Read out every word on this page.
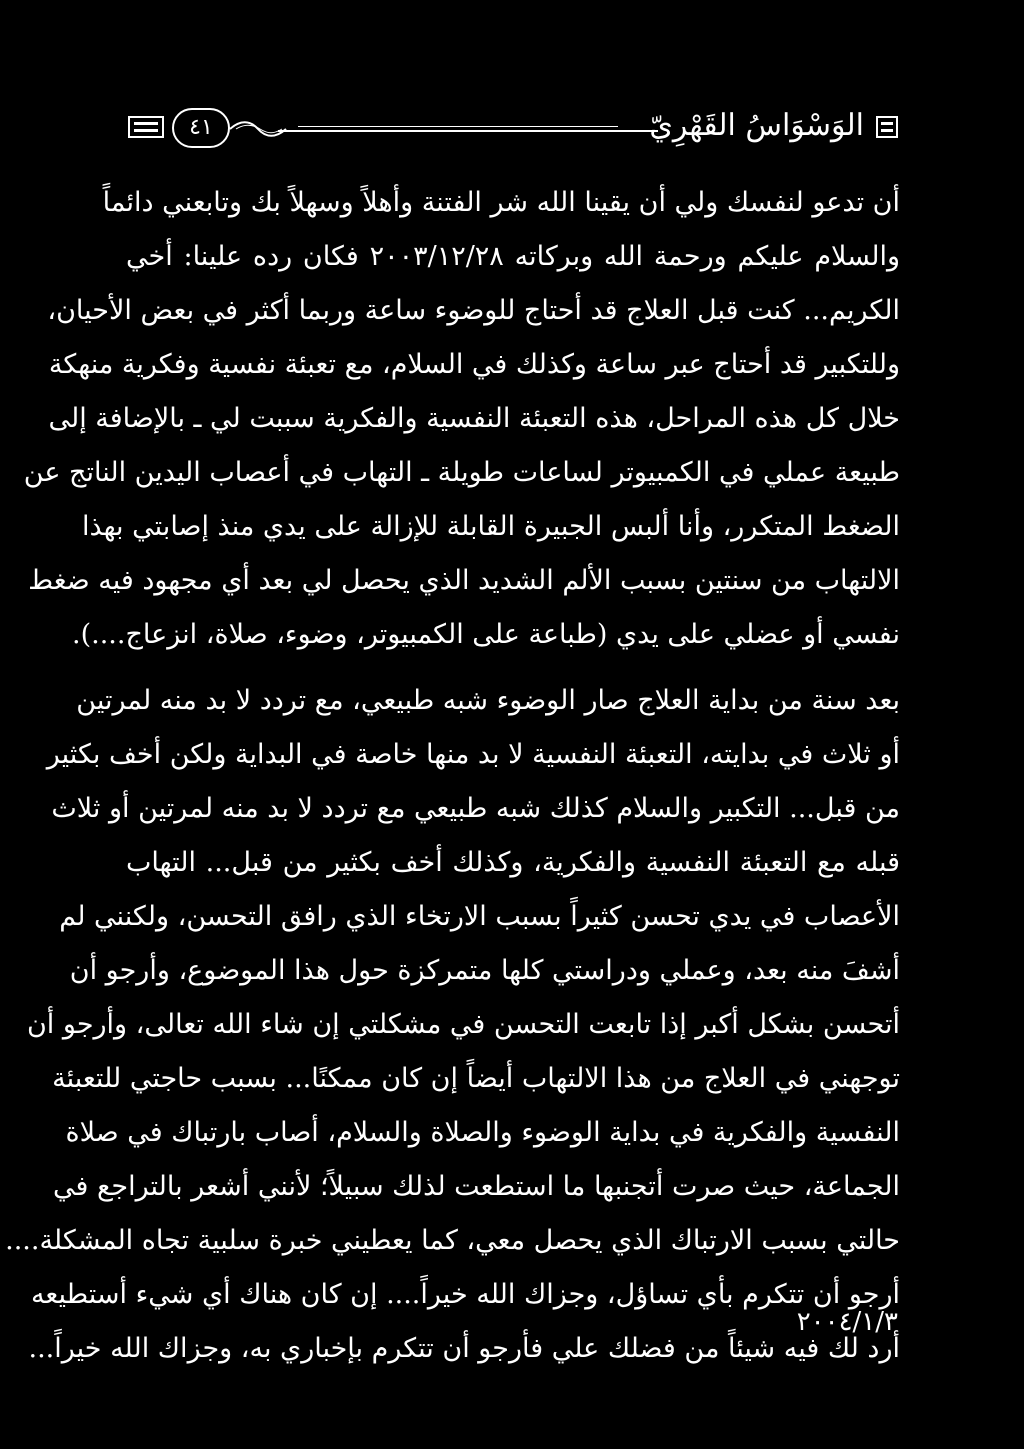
الوَسْوَاسُ القَهْرِيّ
٤١
أن تدعو لنفسك ولي أن يقينا الله شر الفتنة وأهلاً وسهلاً بك وتابعني دائماً
والسلام عليكم ورحمة الله وبركاته ٢٠٠٣/١٢/٢٨ فكان رده علينا: أخي
الكريم... كنت قبل العلاج قد أحتاج للوضوء ساعة وربما أكثر في بعض الأحيان،
وللتكبير قد أحتاج عبر ساعة وكذلك في السلام، مع تعبئة نفسية وفكرية منهكة
خلال كل هذه المراحل، هذه التعبئة النفسية والفكرية سببت لي ـ بالإضافة إلى
طبيعة عملي في الكمبيوتر لساعات طويلة ـ التهاب في أعصاب اليدين الناتج عن
الضغط المتكرر، وأنا ألبس الجبيرة القابلة للإزالة على يدي منذ إصابتي بهذا
الالتهاب من سنتين بسبب الألم الشديد الذي يحصل لي بعد أي مجهود فيه ضغط
نفسي أو عضلي على يدي (طباعة على الكمبيوتر، وضوء، صلاة، انزعاج....).
بعد سنة من بداية العلاج صار الوضوء شبه طبيعي، مع تردد لا بد منه لمرتين
أو ثلاث في بدايته، التعبئة النفسية لا بد منها خاصة في البداية ولكن أخف بكثير
من قبل... التكبير والسلام كذلك شبه طبيعي مع تردد لا بد منه لمرتين أو ثلاث
قبله مع التعبئة النفسية والفكرية، وكذلك أخف بكثير من قبل... التهاب
الأعصاب في يدي تحسن كثيراً بسبب الارتخاء الذي رافق التحسن، ولكنني لم
أشفَ منه بعد، وعملي ودراستي كلها متمركزة حول هذا الموضوع، وأرجو أن
أتحسن بشكل أكبر إذا تابعت التحسن في مشكلتي إن شاء الله تعالى، وأرجو أن
توجهني في العلاج من هذا الالتهاب أيضاً إن كان ممكنًا... بسبب حاجتي للتعبئة
النفسية والفكرية في بداية الوضوء والصلاة والسلام، أصاب بارتباك في صلاة
الجماعة، حيث صرت أتجنبها ما استطعت لذلك سبيلاً؛ لأنني أشعر بالتراجع في
حالتي بسبب الارتباك الذي يحصل معي، كما يعطيني خبرة سلبية تجاه المشكلة....
أرجو أن تتكرم بأي تساؤل، وجزاك الله خيراً.... إن كان هناك أي شيء أستطيعه
أرد لك فيه شيئاً من فضلك علي فأرجو أن تتكرم بإخباري به، وجزاك الله خيراً...
٢٠٠٤/١/٣
